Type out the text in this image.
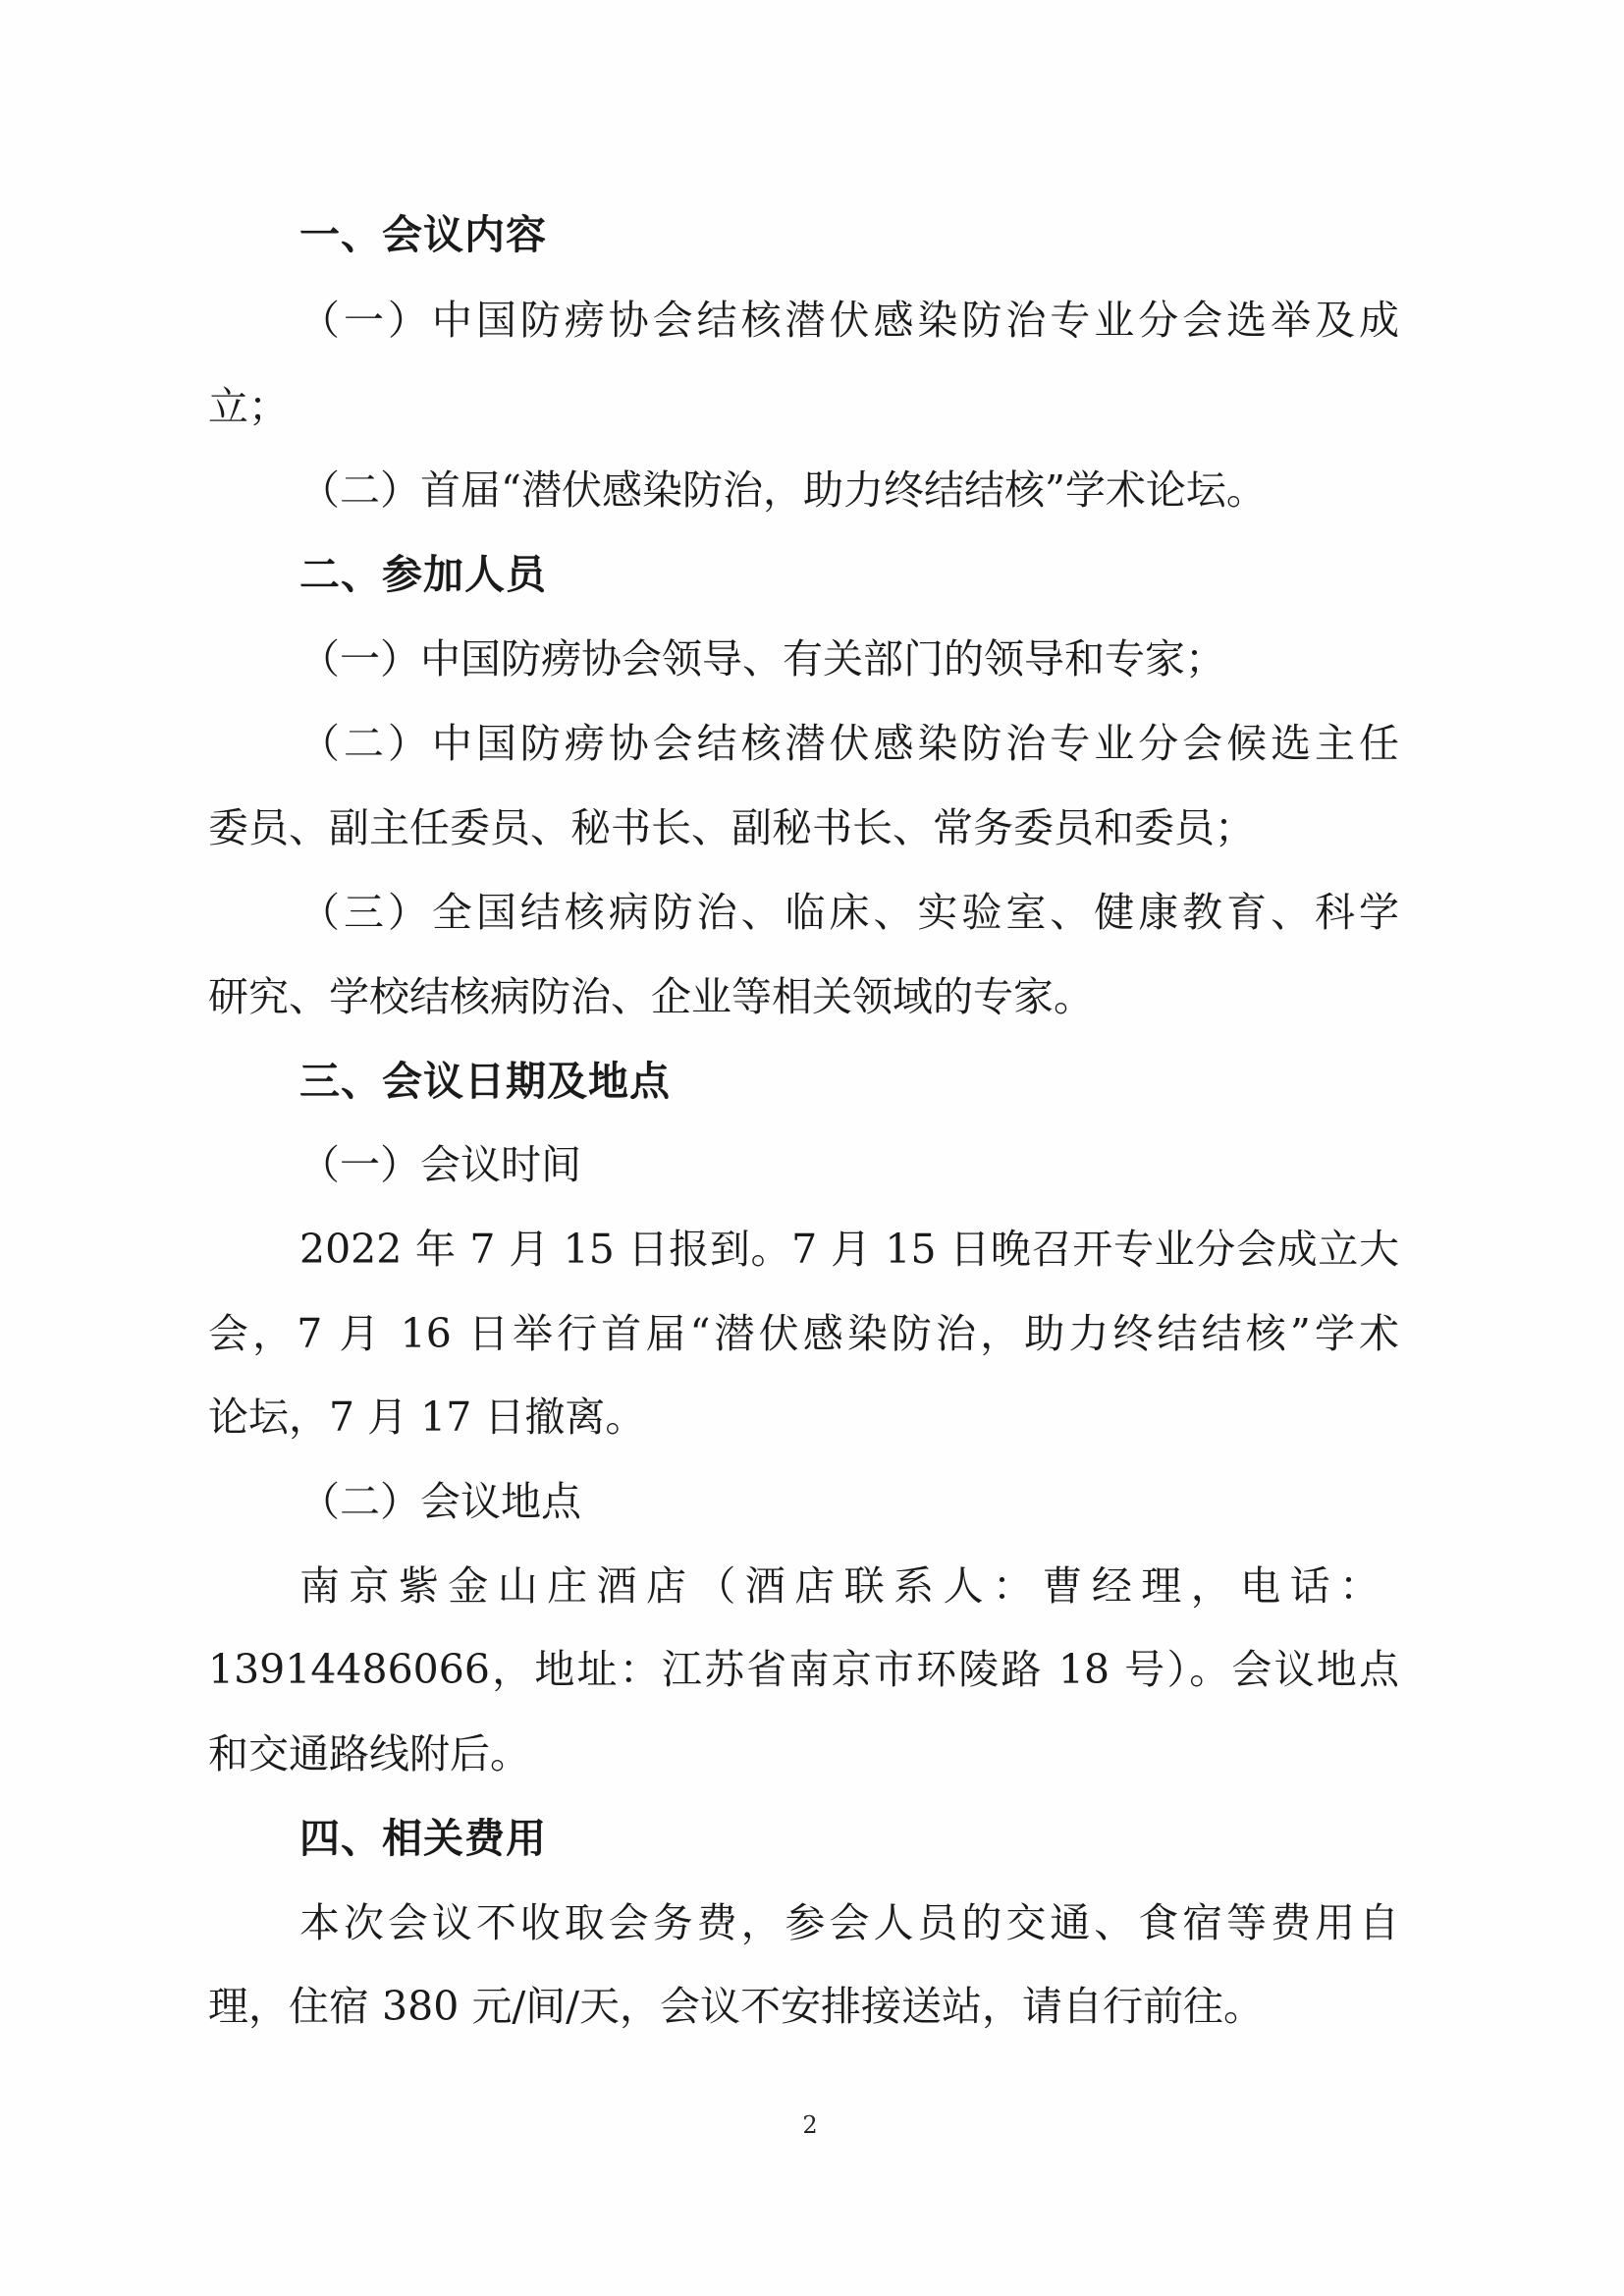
一、会议内容
（一）中国防痨协会结核潜伏感染防治专业分会选举及成
立；
（二）首届“潜伏感染防治，助力终结结核”学术论坛。
二、参加人员
（一）中国防痨协会领导、有关部门的领导和专家；
（二）中国防痨协会结核潜伏感染防治专业分会候选主任
委员、副主任委员、秘书长、副秘书长、常务委员和委员；
（三）全国结核病防治、临床、实验室、健康教育、科学
研究、学校结核病防治、企业等相关领域的专家。
三、会议日期及地点
（一）会议时间
2022 年 7 月 15 日报到。7 月 15 日晚召开专业分会成立大
会，7 月 16 日举行首届“潜伏感染防治，助力终结结核”学术
论坛，7 月 17 日撤离。
（二）会议地点
南京紫金山庄酒店（酒店联系人：曹经理，电话：
13914486066，地址：江苏省南京市环陵路 18 号）。会议地点
和交通路线附后。
四、相关费用
本次会议不收取会务费，参会人员的交通、食宿等费用自
理，住宿 380 元/间/天，会议不安排接送站，请自行前往。
2
